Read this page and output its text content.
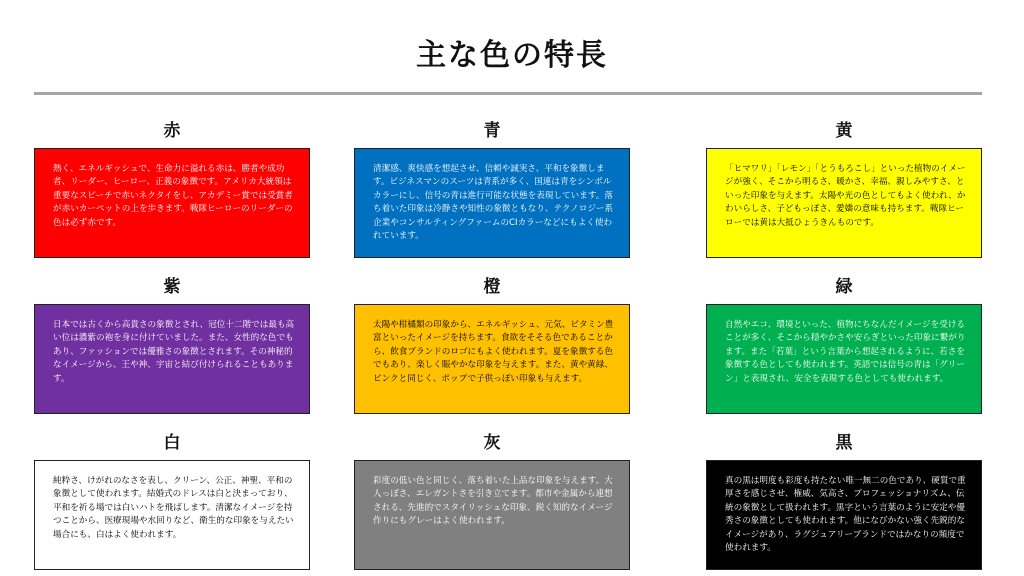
主な色の特長
赤
熱く、エネルギッシュで、生命力に溢れる赤は、勝者や成功者、リーダー、ヒーロー、正義の象徴です。アメリカ大統領は重要なスピーチで赤いネクタイをし、アカデミー賞では受賞者が赤いカーペットの上を歩きます。戦隊ヒーローのリーダーの色は必ず赤です。
青
清潔感、爽快感を想起させ、信頼や誠実さ、平和を象徴します。ビジネスマンのスーツは青系が多く、国連は青をシンボルカラーにし、信号の青は進行可能な状態を表現しています。落ち着いた印象は冷静さや知性の象徴ともなり、テクノロジー系企業やコンサルティングファームのCIカラーなどにもよく使われています。
黄
「ヒマワリ」「レモン」「とうもろこし」といった植物のイメージが強く、そこから明るさ、暖かさ、幸福、親しみやすさ、といった印象を与えます。太陽や光の色としてもよく使われ、かわいらしさ、子どもっぽさ、愛嬌の意味も持ちます。戦隊ヒーローでは黄は大抵ひょうきんものです。
紫
日本では古くから高貴さの象徴とされ、冠位十二階では最も高い位は濃紫の袍を身に付けていました。また、女性的な色でもあり、ファッションでは優雅さの象徴とされます。その神秘的なイメージから、王や神、宇宙と結び付けられることもあります。
橙
太陽や柑橘類の印象から、エネルギッシュ、元気、ビタミン豊富といったイメージを持ちます。食欲をそそる色であることから、飲食ブランドのロゴにもよく使われます。夏を象徴する色でもあり、楽しく賑やかな印象を与えます。また、黄や黄緑、ピンクと同じく、ポップで子供っぽい印象も与えます。
緑
自然やエコ、環境といった、植物にちなんだイメージを受けることが多く、そこから穏やかさや安らぎといった印象に繋がります。また「若葉」という言葉から想起されるように、若さを象徴する色としても使われます。英語では信号の青は「グリーン」と表現され、安全を表現する色としても使われます。
白
純粋さ、けがれのなさを表し、クリーン、公正、神聖、平和の象徴として使われます。結婚式のドレスは白と決まっており、平和を祈る場では白いハトを飛ばします。清潔なイメージを持つことから、医療現場や水回りなど、衛生的な印象を与えたい場合にも、白はよく使われます。
灰
彩度の低い色と同じく、落ち着いた上品な印象を与えます。大人っぽさ、エレガントさを引き立てます。都市や金属から連想される、先進的でスタイリッシュな印象、鋭く知的なイメージ作りにもグレーはよく使われます。
黒
真の黒は明度も彩度も持たない唯一無二の色であり、硬質で重厚さを感じさせ、権威、気高さ、プロフェッショナリズム、伝統の象徴として扱われます。黒字という言葉のように安定や優秀さの象徴としても使われます。他になびかない強く先鋭的なイメージがあり、ラグジュアリーブランドではかなりの頻度で使われます。
